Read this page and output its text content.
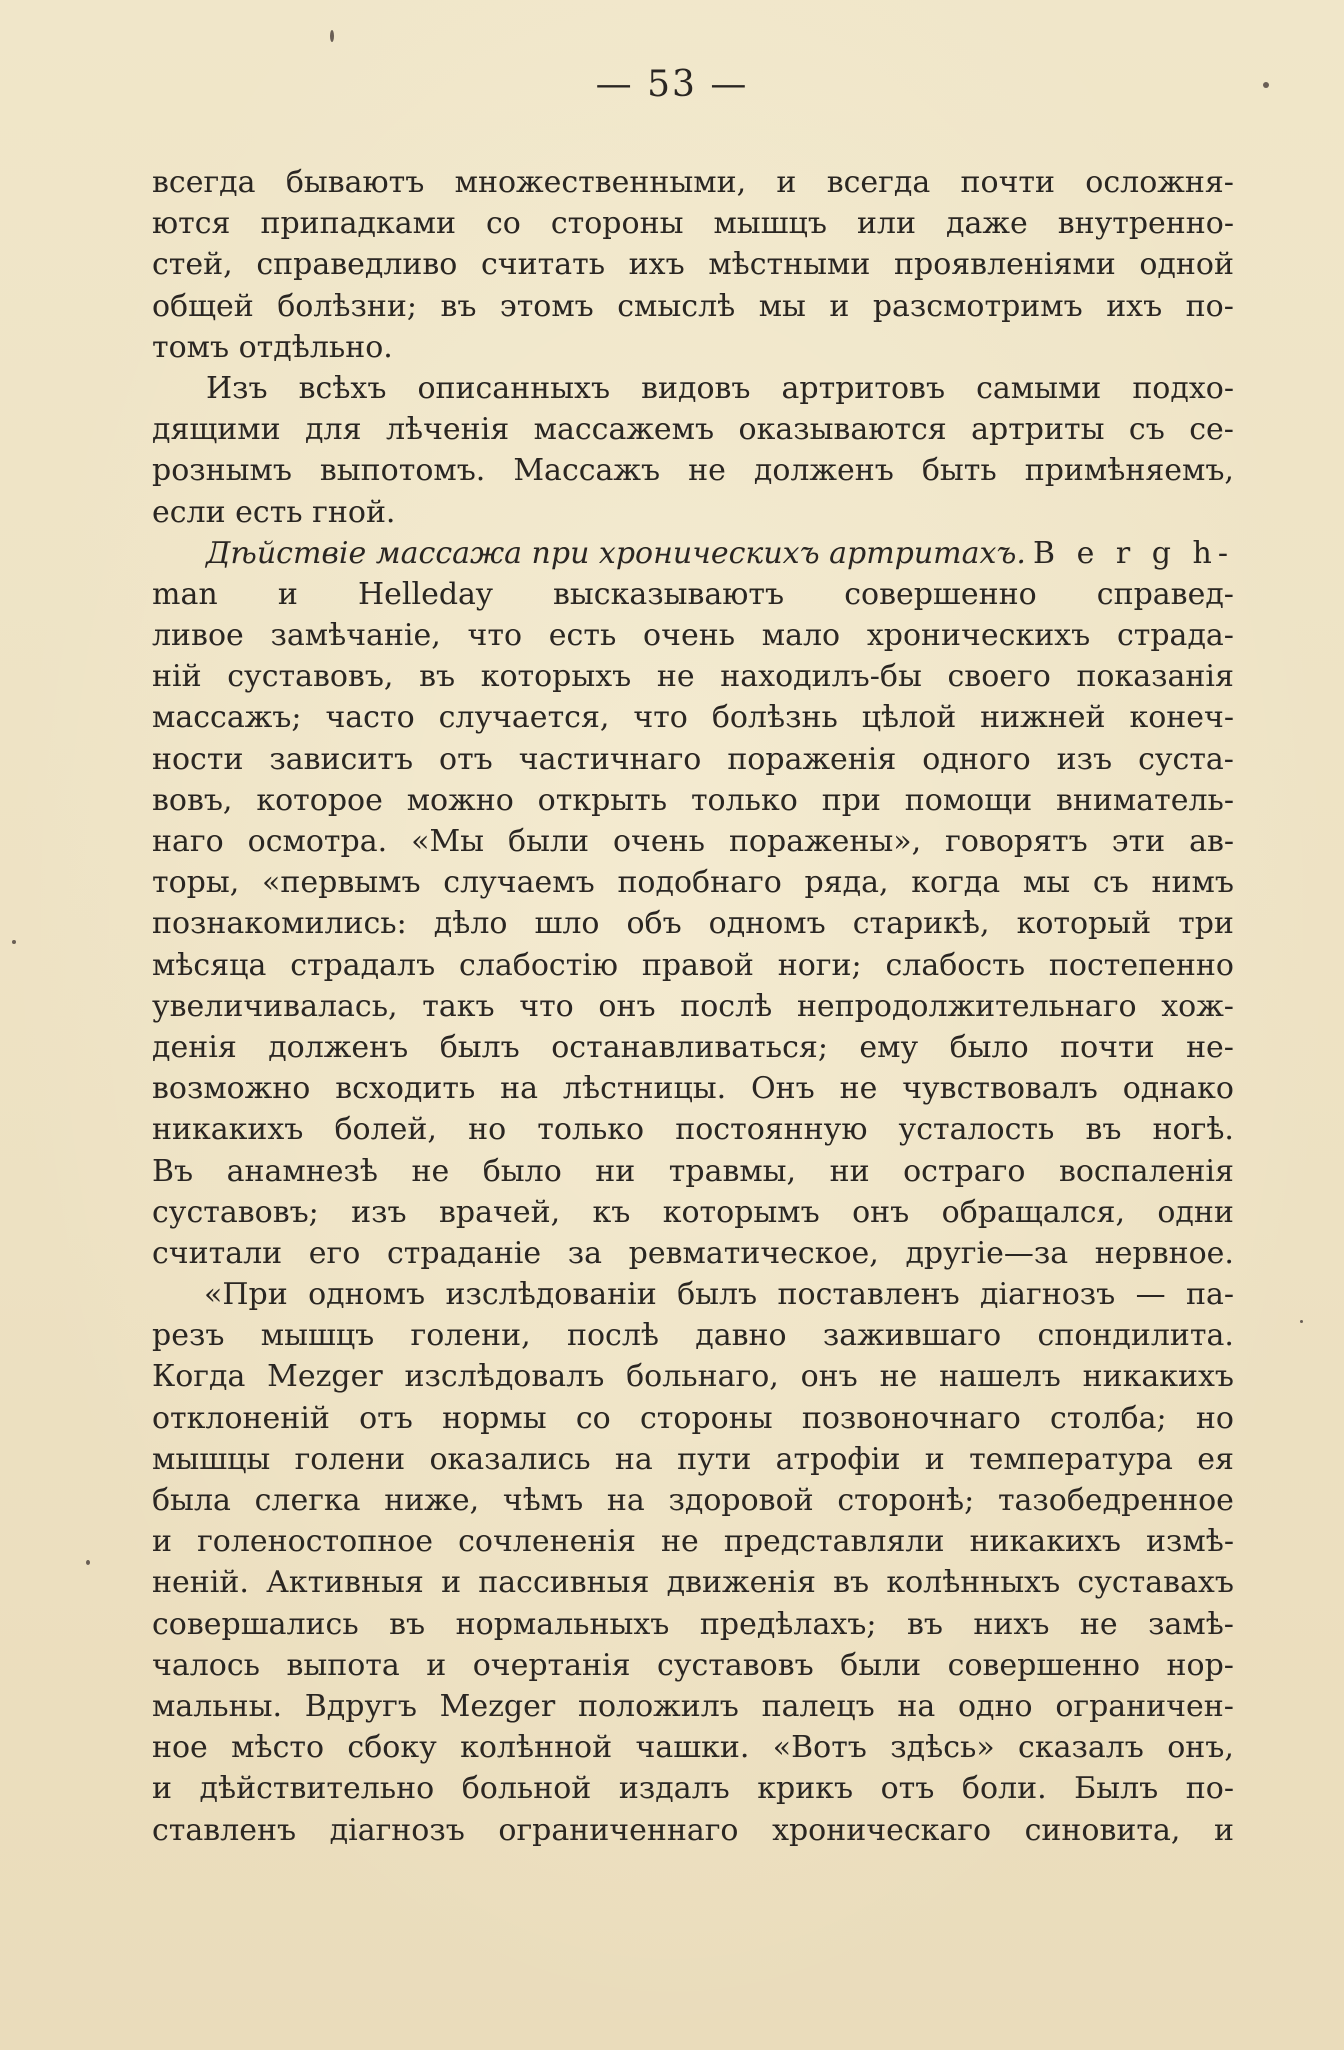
— 53 —
всегда бываютъ множественными, и всегда почти осложня-
ются припадками со стороны мышцъ или даже внутренно-
стей, справедливо считать ихъ мѣстными проявленіями одной
общей болѣзни; въ этомъ смыслѣ мы и разсмотримъ ихъ по-
томъ отдѣльно.
Изъ всѣхъ описанныхъ видовъ артритовъ самыми подхо-
дящими для лѣченія массажемъ оказываются артриты съ се-
рознымъ выпотомъ. Массажъ не долженъ быть примѣняемъ,
если есть гной.
Дѣйствіе массажа при хроническихъ артритахъ. B e r g h-
man и Helleday высказываютъ совершенно справед-
ливое замѣчаніе, что есть очень мало хроническихъ страда-
ній суставовъ, въ которыхъ не находилъ-бы своего показанія
массажъ; часто случается, что болѣзнь цѣлой нижней конеч-
ности зависитъ отъ частичнаго пораженія одного изъ суста-
вовъ, которое можно открыть только при помощи вниматель-
наго осмотра. «Мы были очень поражены», говорятъ эти ав-
торы, «первымъ случаемъ подобнаго ряда, когда мы съ нимъ
познакомились: дѣло шло объ одномъ старикѣ, который три
мѣсяца страдалъ слабостію правой ноги; слабость постепенно
увеличивалась, такъ что онъ послѣ непродолжительнаго хож-
денія долженъ былъ останавливаться; ему было почти не-
возможно всходить на лѣстницы. Онъ не чувствовалъ однако
никакихъ болей, но только постоянную усталость въ ногѣ.
Въ анамнезѣ не было ни травмы, ни остраго воспаленія
суставовъ; изъ врачей, къ которымъ онъ обращался, одни
считали его страданіе за ревматическое, другіе—за нервное.
«При одномъ изслѣдованіи былъ поставленъ діагнозъ — па-
резъ мышцъ голени, послѣ давно зажившаго спондилита.
Когда Mezger изслѣдовалъ больнаго, онъ не нашелъ никакихъ
отклоненій отъ нормы со стороны позвоночнаго столба; но
мышцы голени оказались на пути атрофіи и температура ея
была слегка ниже, чѣмъ на здоровой сторонѣ; тазобедренное
и голеностопное сочлененія не представляли никакихъ измѣ-
неній. Активныя и пассивныя движенія въ колѣнныхъ суставахъ
совершались въ нормальныхъ предѣлахъ; въ нихъ не замѣ-
чалось выпота и очертанія суставовъ были совершенно нор-
мальны. Вдругъ Mezger положилъ палецъ на одно ограничен-
ное мѣсто сбоку колѣнной чашки. «Вотъ здѣсь» сказалъ онъ,
и дѣйствительно больной издалъ крикъ отъ боли. Былъ по-
ставленъ діагнозъ ограниченнаго хроническаго синовита, и
